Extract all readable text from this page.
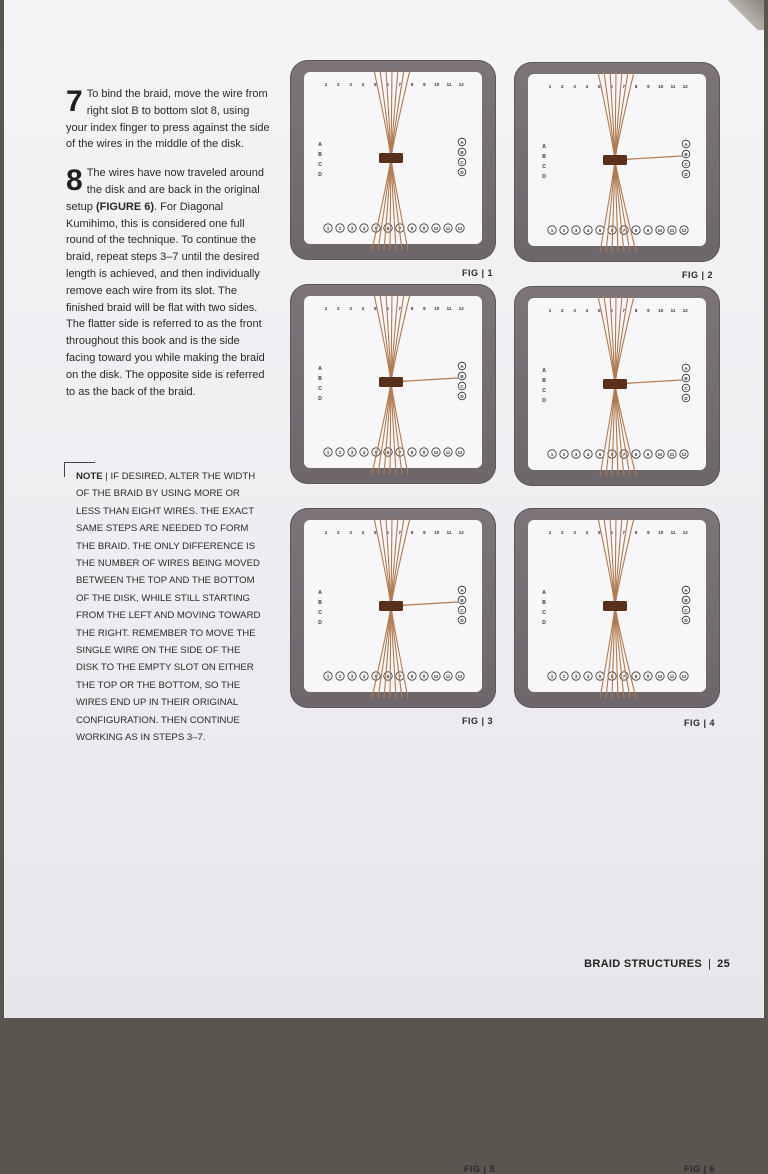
7 To bind the braid, move the wire from right slot B to bottom slot 8, using your index finger to press against the side of the wires in the middle of the disk.
8 The wires have now traveled around the disk and are back in the original setup (FIGURE 6). For Diagonal Kumihimo, this is considered one full round of the technique. To continue the braid, repeat steps 3–7 until the desired length is achieved, and then individually remove each wire from its slot. The finished braid will be flat with two sides. The flatter side is referred to as the front throughout this book and is the side facing toward you while making the braid on the disk. The opposite side is referred to as the back of the braid.
NOTE | IF DESIRED, ALTER THE WIDTH OF THE BRAID BY USING MORE OR LESS THAN EIGHT WIRES. THE EXACT SAME STEPS ARE NEEDED TO FORM THE BRAID. THE ONLY DIFFERENCE IS THE NUMBER OF WIRES BEING MOVED BETWEEN THE TOP AND THE BOTTOM OF THE DISK, WHILE STILL STARTING FROM THE LEFT AND MOVING TOWARD THE RIGHT. REMEMBER TO MOVE THE SINGLE WIRE ON THE SIDE OF THE DISK TO THE EMPTY SLOT ON EITHER THE TOP OR THE BOTTOM, SO THE WIRES END UP IN THEIR ORIGINAL CONFIGURATION. THEN CONTINUE WORKING AS IN STEPS 3–7.
1 2 3 4 5 6 7 8 9 10 11 12
A
B
C
D
A
B
C
D
1 2 3 4 5 6 7 8 9 10 11 12
FIG | 1
1 2 3 4 5 6 7 8 9 10 11 12
A
B
C
D
A
B
C
D
1 2 3 4 5 6 7 8 9 10 11 12
FIG | 2
1 2 3 4 5 6 7 8 9 10 11 12
A
B
C
D
A
B
C
D
1 2 3 4 5 6 7 8 9 10 11 12
FIG | 3
1 2 3 4 5 6 7 8 9 10 11 12
A
B
C
D
A
B
C
D
1 2 3 4 5 6 7 8 9 10 11 12
FIG | 4
1 2 3 4 5 6 7 8 9 10 11 12
A
B
C
D
A
B
C
D
1 2 3 4 5 6 7 8 9 10 11 12
FIG | 5
1 2 3 4 5 6 7 8 9 10 11 12
A
B
C
D
A
B
C
D
1 2 3 4 5 6 7 8 9 10 11 12
FIG | 6
BRAID STRUCTURES | 25
